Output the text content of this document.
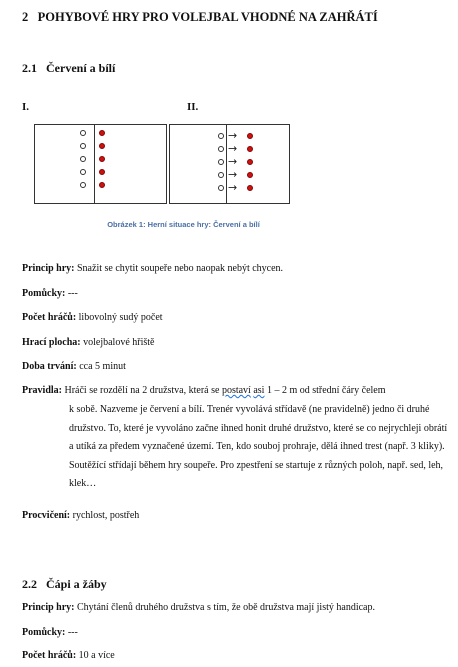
2 POHYBOVÉ HRY PRO VOLEJBAL VHODNÉ NA ZAHŘÁTÍ
2.1 Červení a bílí
I.	II.
→
→
→
→
→
Obrázek 1: Herní situace hry: Červení a bílí
Princip hry: Snažit se chytit soupeře nebo naopak nebýt chycen.
Pomůcky: ---
Počet hráčů: libovolný sudý počet
Hrací plocha: volejbalové hřiště
Doba trvání: cca 5 minut
Pravidla: Hráči se rozdělí na 2 družstva, která se postaví asi 1 – 2 m od střední čáry čelem
k sobě. Nazveme je červení a bílí. Trenér vyvolává střídavě (ne pravidelně) jedno či druhé družstvo. To, které je vyvoláno začne ihned honit druhé družstvo, které se co nejrychleji obrátí a utíká za předem vyznačené území. Ten, kdo souboj prohraje, dělá ihned trest (např. 3 kliky). Soutěžící střídají během hry soupeře. Pro zpestření se startuje z různých poloh, např. sed, leh, klek…
Procvičení: rychlost, postřeh
2.2 Čápi a žáby
Princip hry: Chytání členů druhého družstva s tím, že obě družstva mají jistý handicap.
Pomůcky: ---
Počet hráčů: 10 a více
